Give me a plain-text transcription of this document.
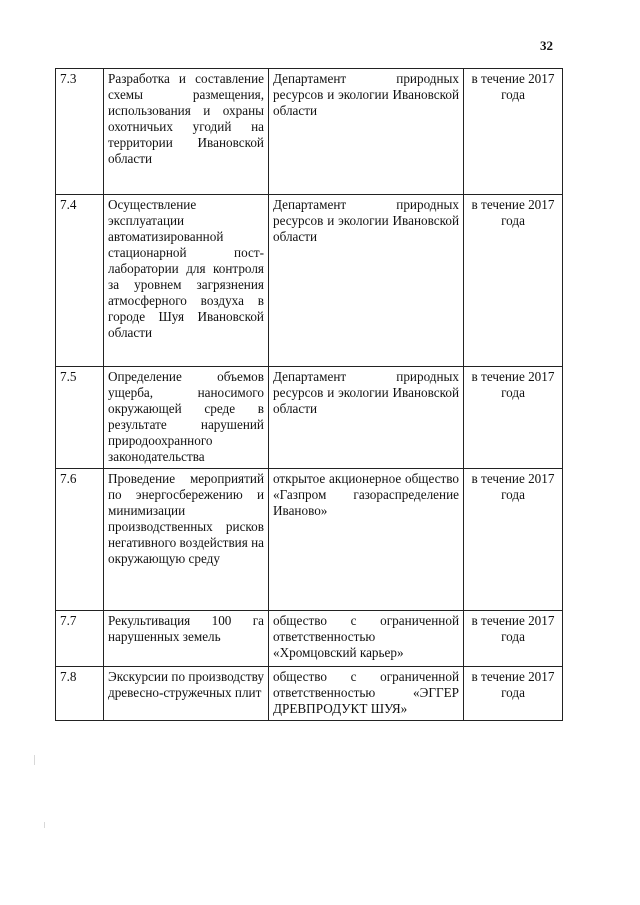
32
7.3	Разработка и составление схемы размещения, использования и охраны охотничьих угодий на территории Ивановской области	Департамент природных ресурсов и экологии Ивановской области	в течение 2017 года
7.4	Осуществление эксплуатации автоматизированной стационарной пост-лаборатории для контроля за уровнем загрязнения атмосферного воздуха в городе Шуя Ивановской области	Департамент природных ресурсов и экологии Ивановской области	в течение 2017 года
7.5	Определение объемов ущерба, наносимого окружающей среде в результате нарушений природоохранного законодательства	Департамент природных ресурсов и экологии Ивановской области	в течение 2017 года
7.6	Проведение мероприятий по энергосбережению и минимизации производственных рисков негативного воздействия на окружающую среду	открытое акционерное общество «Газпром газораспределение Иваново»	в течение 2017 года
7.7	Рекультивация 100 га нарушенных земель	общество с ограниченной ответственностью «Хромцовский карьер»	в течение 2017 года
7.8	Экскурсии по производству древесно-стружечных плит	общество с ограниченной ответственностью «ЭГГЕР ДРЕВПРОДУКТ ШУЯ»	в течение 2017 года
